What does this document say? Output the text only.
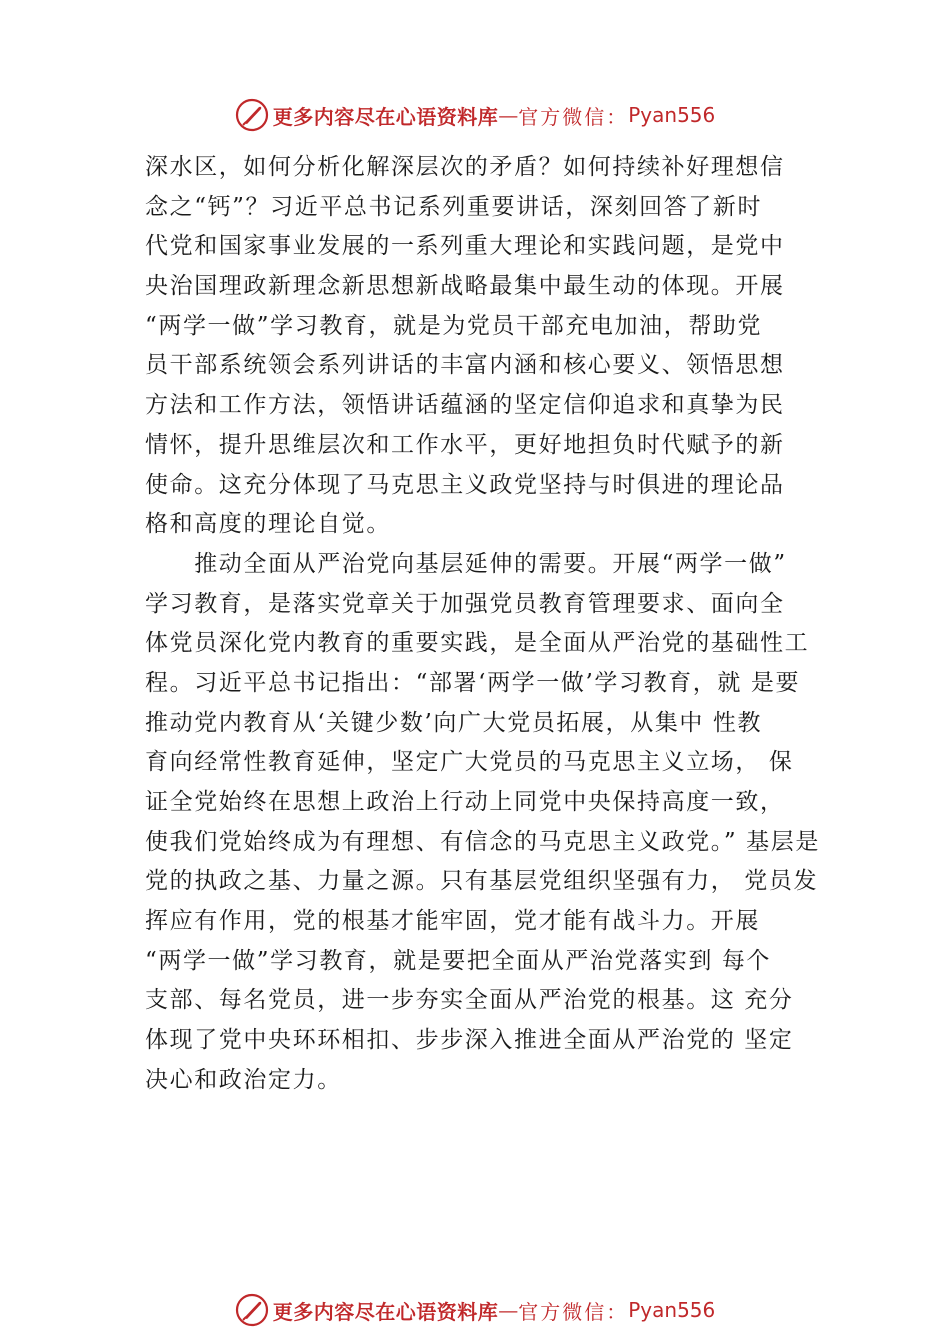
更多内容尽在心语资料库 — 官方微信： Pyan556
深水区，如何分析化解深层次的矛盾？如何持续补好理想信
念之“钙”？习近平总书记系列重要讲话，深刻回答了新时
代党和国家事业发展的一系列重大理论和实践问题，是党中
央治国理政新理念新思想新战略最集中最生动的体现。开展
“两学一做”学习教育，就是为党员干部充电加油，帮助党
员干部系统领会系列讲话的丰富内涵和核心要义、领悟思想
方法和工作方法，领悟讲话蕴涵的坚定信仰追求和真挚为民
情怀，提升思维层次和工作水平，更好地担负时代赋予的新
使命。这充分体现了马克思主义政党坚持与时俱进的理论品
格和高度的理论自觉。
　　推动全面从严治党向基层延伸的需要。开展“两学一做”
学习教育，是落实党章关于加强党员教育管理要求、面向全
体党员深化党内教育的重要实践，是全面从严治党的基础性工
程。习近平总书记指出：“部署‘两学一做’学习教育，就 是要
推动党内教育从‘关键少数’向广大党员拓展，从集中 性教
育向经常性教育延伸，坚定广大党员的马克思主义立场， 保
证全党始终在思想上政治上行动上同党中央保持高度一致，
使我们党始终成为有理想、有信念的马克思主义政党。” 基层是
党的执政之基、力量之源。只有基层党组织坚强有力， 党员发
挥应有作用，党的根基才能牢固，党才能有战斗力。开展
“两学一做”学习教育，就是要把全面从严治党落实到 每个
支部、每名党员，进一步夯实全面从严治党的根基。这 充分
体现了党中央环环相扣、步步深入推进全面从严治党的 坚定
决心和政治定力。
更多内容尽在心语资料库 — 官方微信： Pyan556
